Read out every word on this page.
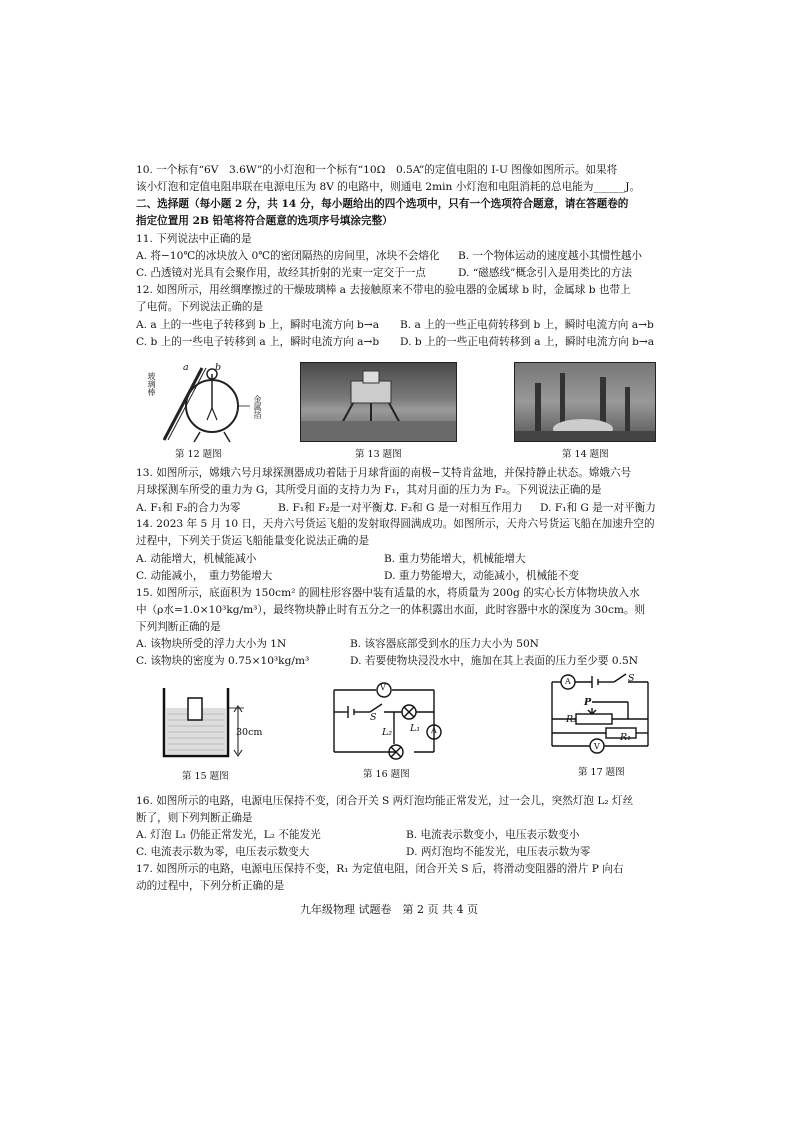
10. 一个标有“6V　3.6W”的小灯泡和一个标有“10Ω　0.5A”的定值电阻的 I-U 图像如图所示。如果将
该小灯泡和定值电阻串联在电源电压为 8V 的电路中，则通电 2min 小灯泡和电阻消耗的总电能为______J。
二、选择题（每小题 2 分，共 14 分，每小题给出的四个选项中，只有一个选项符合题意，请在答题卷的
指定位置用 2B 铅笔将符合题意的选项序号填涂完整）
11. 下列说法中正确的是
A. 将−10℃的冰块放入 0℃的密闭隔热的房间里，冰块不会熔化 B. 一个物体运动的速度越小其惯性越小
C. 凸透镜对光具有会聚作用，故经其折射的光束一定交于一点	D. “磁感线”概念引入是用类比的方法
12. 如图所示，用丝绸摩擦过的干燥玻璃棒 a 去接触原来不带电的验电器的金属球 b 时，金属球 b 也带上
了电荷。下列说法正确的是
A. a 上的一些电子转移到 b 上，瞬时电流方向 b→a B. a 上的一些正电荷转移到 b 上，瞬时电流方向 a→b
C. b 上的一些电子转移到 a 上，瞬时电流方向 a→b D. b 上的一些正电荷转移到 a 上，瞬时电流方向 b→a
a	b
玻璃棒
金属箔
第 12 题图	第 13 题图	第 14 题图
13. 如图所示，嫦娥六号月球探测器成功着陆于月球背面的南极−艾特肯盆地，并保持静止状态。嫦娥六号
月球探测车所受的重力为 G，其所受月面的支持力为 F₁，其对月面的压力为 F₂。下列说法正确的是
A. F₁和 F₂的合力为零	B. F₁和 F₂是一对平衡力
C. F₂和 G 是一对相互作用力 D. F₁和 G 是一对平衡力
14. 2023 年 5 月 10 日，天舟六号货运飞船的发射取得圆满成功。如图所示，天舟六号货运飞船在加速升空的
过程中，下列关于货运飞船能量变化说法正确的是
A. 动能增大，机械能减小	B. 重力势能增大，机械能增大
C. 动能减小，　重力势能增大	D. 重力势能增大，动能减小，机械能不变
15. 如图所示，底面积为 150cm² 的圆柱形容器中装有适量的水，将质量为 200g 的实心长方体物块放入水
中（ρ水=1.0×10³kg/m³），最终物块静止时有五分之一的体积露出水面，此时容器中水的深度为 30cm。则
下列判断正确的是
A. 该物块所受的浮力大小为 1N	B. 该容器底部受到水的压力大小为 50N
C. 该物块的密度为 0.75×10³kg/m³	D. 若要使物块浸没水中，施加在其上表面的压力至少要 0.5N
30cm
V
A
S
L₂ L₁
A
V
S
P
R₂
R₁
第 15 题图	第 16 题图	第 17 题图
16. 如图所示的电路，电源电压保持不变，闭合开关 S 两灯泡均能正常发光，过一会儿，突然灯泡 L₂ 灯丝
断了，则下列判断正确是
A. 灯泡 L₁ 仍能正常发光，L₂ 不能发光	B. 电流表示数变小，电压表示数变小
C. 电流表示数为零，电压表示数变大	D. 两灯泡均不能发光，电压表示数为零
17. 如图所示的电路，电源电压保持不变，R₁ 为定值电阻，闭合开关 S 后，将滑动变阻器的滑片 P 向右
动的过程中，下列分析正确的是
九年级物理 试题卷　第 2 页 共 4 页
